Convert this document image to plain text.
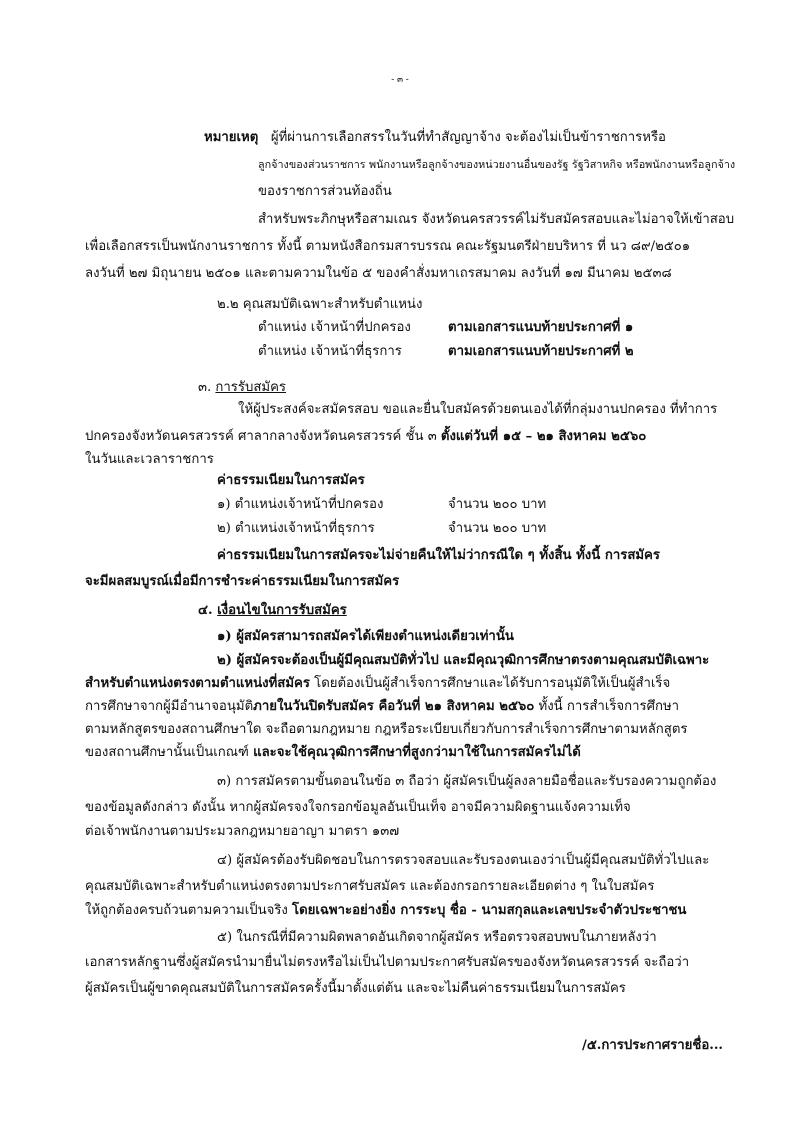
- ๓ -
หมายเหตุ ผู้ที่ผ่านการเลือกสรรในวันที่ทำสัญญาจ้าง จะต้องไม่เป็นข้าราชการหรือ
ลูกจ้างของส่วนราชการ พนักงานหรือลูกจ้างของหน่วยงานอื่นของรัฐ รัฐวิสาหกิจ หรือพนักงานหรือลูกจ้าง
ของราชการส่วนท้องถิ่น
สำหรับพระภิกษุหรือสามเณร จังหวัดนครสวรรค์ไม่รับสมัครสอบและไม่อาจให้เข้าสอบ
เพื่อเลือกสรรเป็นพนักงานราชการ ทั้งนี้ ตามหนังสือกรมสารบรรณ คณะรัฐมนตรีฝ่ายบริหาร ที่ นว ๘๙/๒๕๐๑
ลงวันที่ ๒๗ มิถุนายน ๒๕๐๑ และตามความในข้อ ๕ ของคำสั่งมหาเถรสมาคม ลงวันที่ ๑๗ มีนาคม ๒๕๓๘
๒.๒ คุณสมบัติเฉพาะสำหรับตำแหน่ง
ตำแหน่ง เจ้าหน้าที่ปกครอง	ตามเอกสารแนบท้ายประกาศที่ ๑
ตำแหน่ง เจ้าหน้าที่ธุรการ	ตามเอกสารแนบท้ายประกาศที่ ๒
๓. การรับสมัคร
ให้ผู้ประสงค์จะสมัครสอบ ขอและยื่นใบสมัครด้วยตนเองได้ที่กลุ่มงานปกครอง ที่ทำการ
ปกครองจังหวัดนครสวรรค์ ศาลากลางจังหวัดนครสวรรค์ ชั้น ๓ ตั้งแต่วันที่ ๑๕ – ๒๑ สิงหาคม ๒๕๖๐
ในวันและเวลาราชการ
ค่าธรรมเนียมในการสมัคร
๑) ตำแหน่งเจ้าหน้าที่ปกครอง	จำนวน ๒๐๐ บาท
๒) ตำแหน่งเจ้าหน้าที่ธุรการ	จำนวน ๒๐๐ บาท
ค่าธรรมเนียมในการสมัครจะไม่จ่ายคืนให้ไม่ว่ากรณีใด ๆ ทั้งสิ้น ทั้งนี้ การสมัคร
จะมีผลสมบูรณ์เมื่อมีการชำระค่าธรรมเนียมในการสมัคร
๔. เงื่อนไขในการรับสมัคร
๑) ผู้สมัครสามารถสมัครได้เพียงตำแหน่งเดียวเท่านั้น
๒) ผู้สมัครจะต้องเป็นผู้มีคุณสมบัติทั่วไป และมีคุณวุฒิการศึกษาตรงตามคุณสมบัติเฉพาะ
สำหรับตำแหน่งตรงตามตำแหน่งที่สมัคร โดยต้องเป็นผู้สำเร็จการศึกษาและได้รับการอนุมัติให้เป็นผู้สำเร็จ
การศึกษาจากผู้มีอำนาจอนุมัติภายในวันปิดรับสมัคร คือวันที่ ๒๑ สิงหาคม ๒๕๖๐ ทั้งนี้ การสำเร็จการศึกษา
ตามหลักสูตรของสถานศึกษาใด จะถือตามกฎหมาย กฎหรือระเบียบเกี่ยวกับการสำเร็จการศึกษาตามหลักสูตร
ของสถานศึกษานั้นเป็นเกณฑ์ และจะใช้คุณวุฒิการศึกษาที่สูงกว่ามาใช้ในการสมัครไม่ได้
๓) การสมัครตามขั้นตอนในข้อ ๓ ถือว่า ผู้สมัครเป็นผู้ลงลายมือชื่อและรับรองความถูกต้อง
ของข้อมูลดังกล่าว ดังนั้น หากผู้สมัครจงใจกรอกข้อมูลอันเป็นเท็จ อาจมีความผิดฐานแจ้งความเท็จ
ต่อเจ้าพนักงานตามประมวลกฎหมายอาญา มาตรา ๑๓๗
๔) ผู้สมัครต้องรับผิดชอบในการตรวจสอบและรับรองตนเองว่าเป็นผู้มีคุณสมบัติทั่วไปและ
คุณสมบัติเฉพาะสำหรับตำแหน่งตรงตามประกาศรับสมัคร และต้องกรอกรายละเอียดต่าง ๆ ในใบสมัคร
ให้ถูกต้องครบถ้วนตามความเป็นจริง โดยเฉพาะอย่างยิ่ง การระบุ ชื่อ - นามสกุลและเลขประจำตัวประชาชน
๕) ในกรณีที่มีความผิดพลาดอันเกิดจากผู้สมัคร หรือตรวจสอบพบในภายหลังว่า
เอกสารหลักฐานซึ่งผู้สมัครนำมายื่นไม่ตรงหรือไม่เป็นไปตามประกาศรับสมัครของจังหวัดนครสวรรค์ จะถือว่า
ผู้สมัครเป็นผู้ขาดคุณสมบัติในการสมัครครั้งนี้มาตั้งแต่ต้น และจะไม่คืนค่าธรรมเนียมในการสมัคร
/๕.การประกาศรายชื่อ...
